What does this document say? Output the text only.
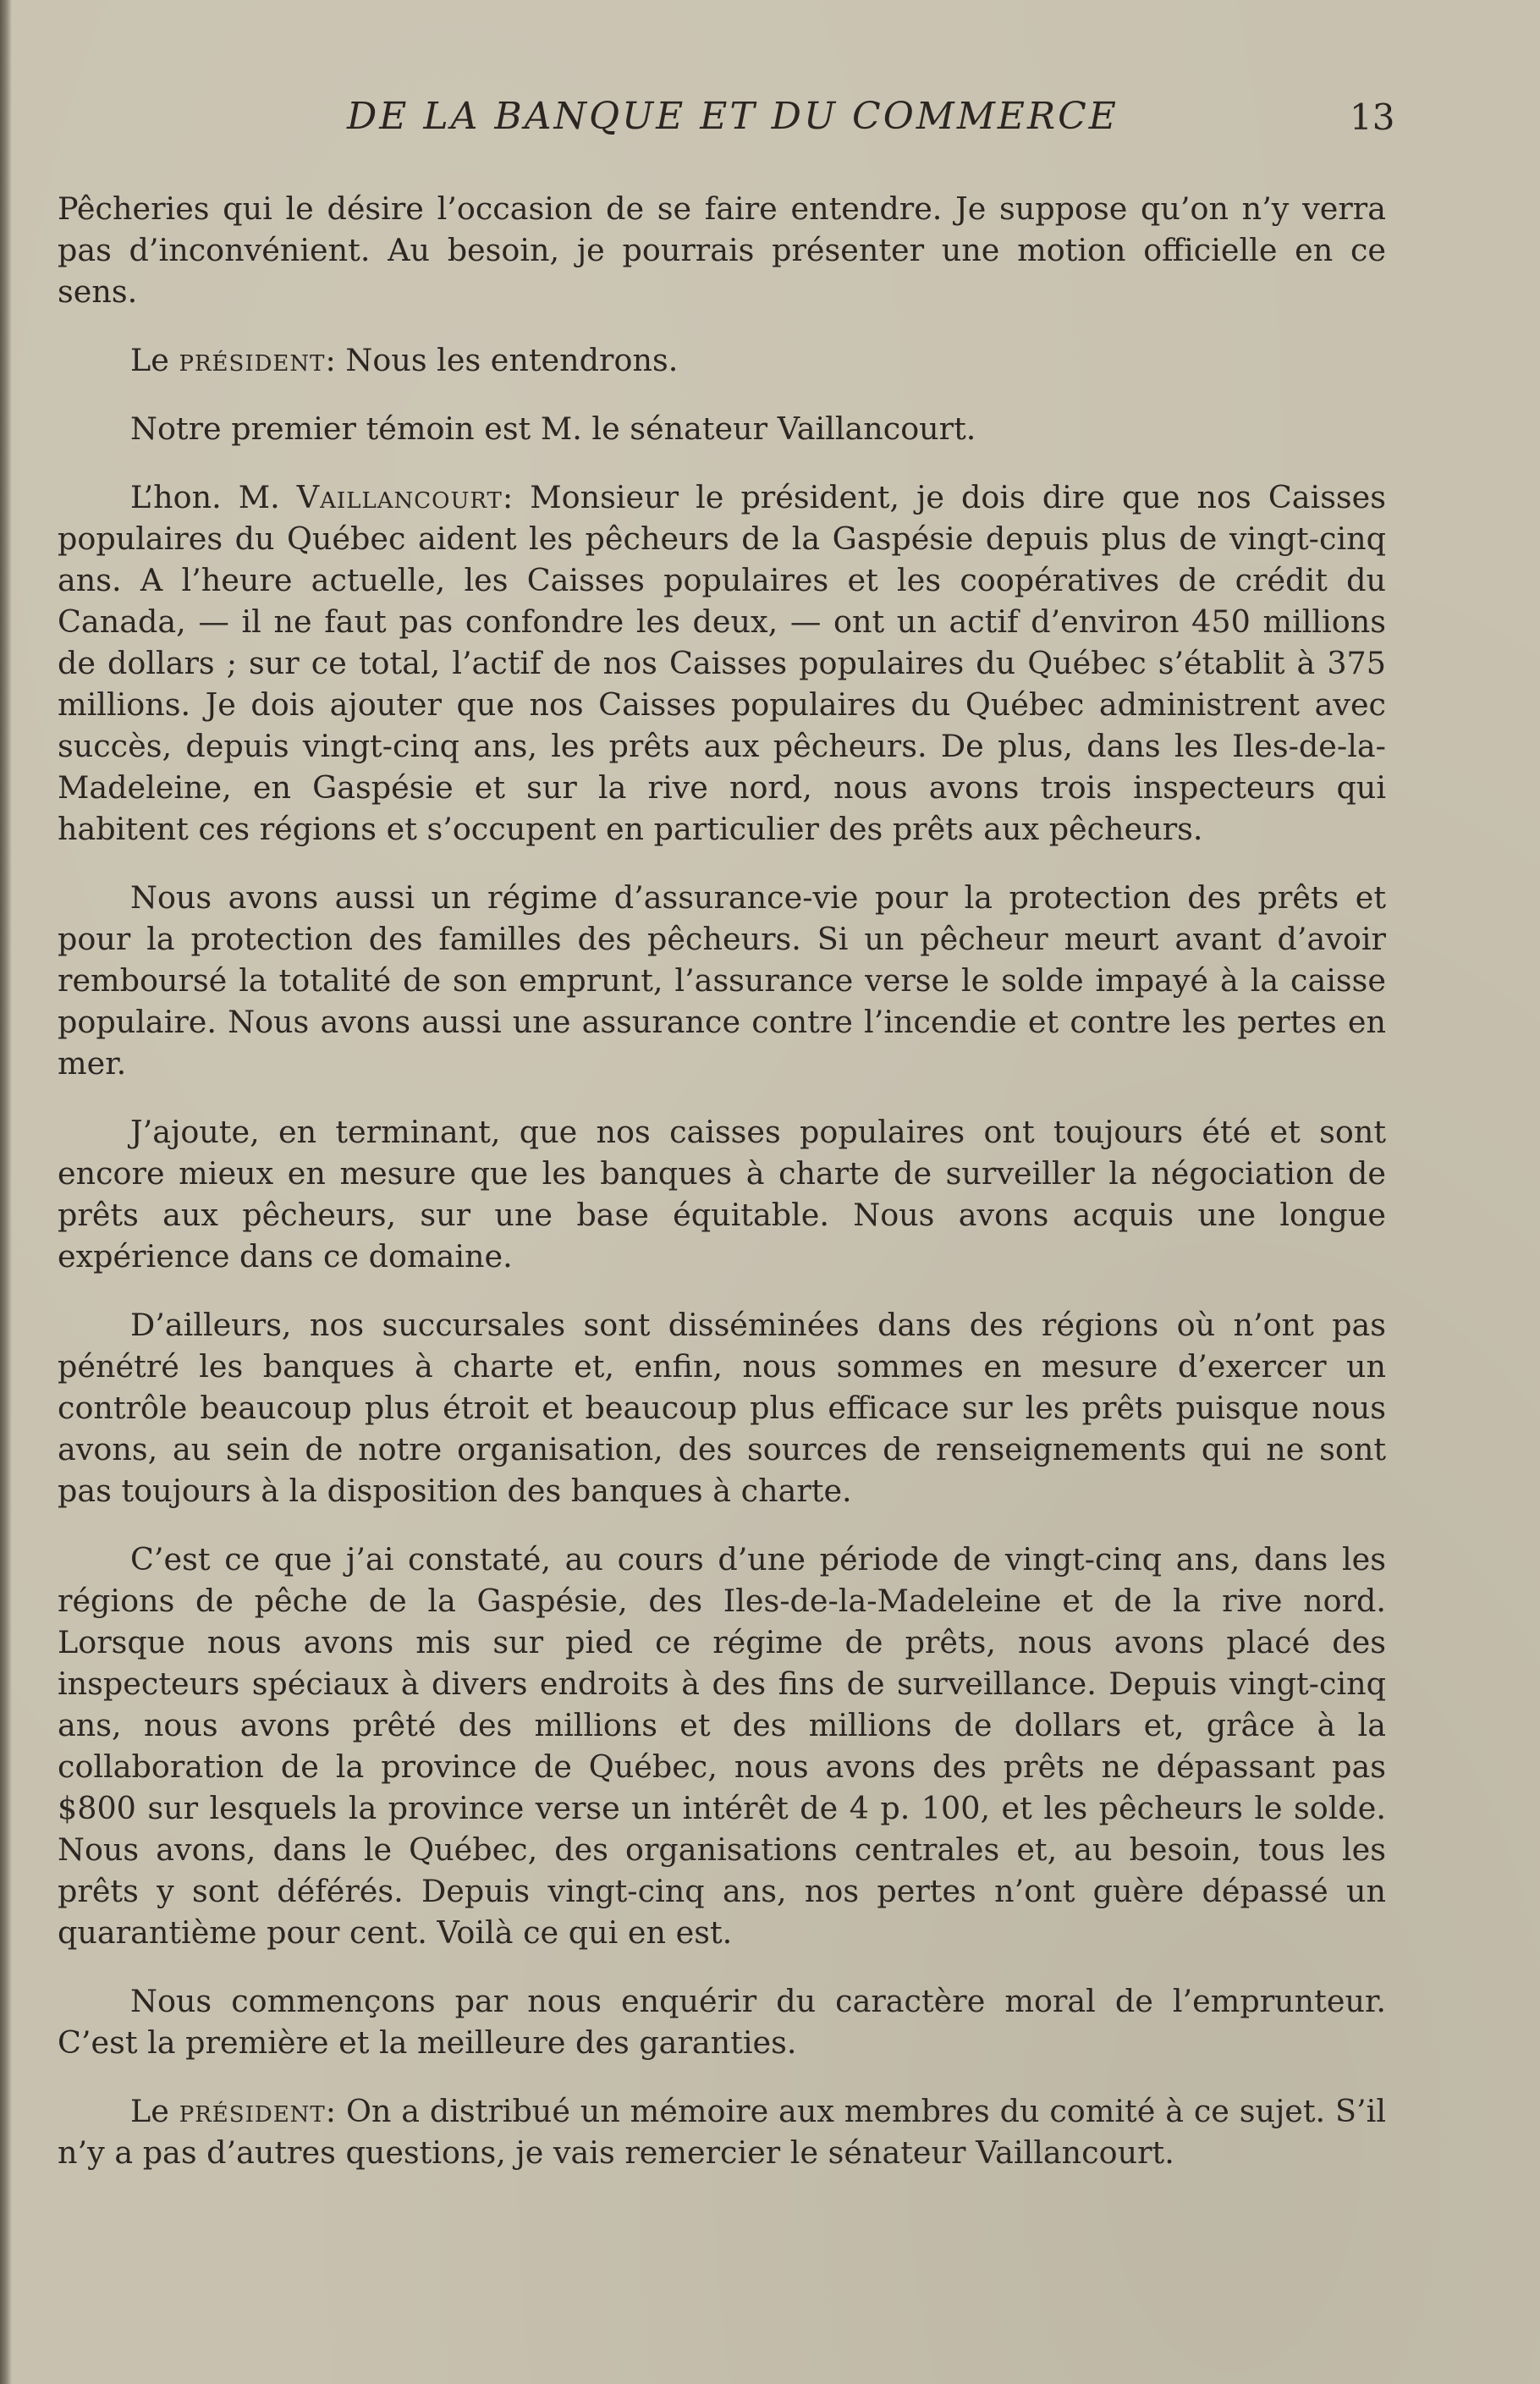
DE LA BANQUE ET DU COMMERCE	13

Pêcheries qui le désire l’occasion de se faire entendre. Je suppose qu’on n’y verra pas d’inconvénient. Au besoin, je pourrais présenter une motion officielle en ce sens.

Le président: Nous les entendrons.

Notre premier témoin est M. le sénateur Vaillancourt.

L’hon. M. Vaillancourt: Monsieur le président, je dois dire que nos Caisses populaires du Québec aident les pêcheurs de la Gaspésie depuis plus de vingt-cinq ans. A l’heure actuelle, les Caisses populaires et les coopératives de crédit du Canada, — il ne faut pas confondre les deux, — ont un actif d’environ 450 millions de dollars ; sur ce total, l’actif de nos Caisses populaires du Québec s’établit à 375 millions. Je dois ajouter que nos Caisses populaires du Québec administrent avec succès, depuis vingt-cinq ans, les prêts aux pêcheurs. De plus, dans les Iles-de-la-Madeleine, en Gaspésie et sur la rive nord, nous avons trois inspecteurs qui habitent ces régions et s’occupent en particulier des prêts aux pêcheurs.

Nous avons aussi un régime d’assurance-vie pour la protection des prêts et pour la protection des familles des pêcheurs. Si un pêcheur meurt avant d’avoir remboursé la totalité de son emprunt, l’assurance verse le solde impayé à la caisse populaire. Nous avons aussi une assurance contre l’incendie et contre les pertes en mer.

J’ajoute, en terminant, que nos caisses populaires ont toujours été et sont encore mieux en mesure que les banques à charte de surveiller la négociation de prêts aux pêcheurs, sur une base équitable. Nous avons acquis une longue expérience dans ce domaine.

D’ailleurs, nos succursales sont disséminées dans des régions où n’ont pas pénétré les banques à charte et, enfin, nous sommes en mesure d’exercer un contrôle beaucoup plus étroit et beaucoup plus efficace sur les prêts puisque nous avons, au sein de notre organisation, des sources de renseignements qui ne sont pas toujours à la disposition des banques à charte.

C’est ce que j’ai constaté, au cours d’une période de vingt-cinq ans, dans les régions de pêche de la Gaspésie, des Iles-de-la-Madeleine et de la rive nord. Lorsque nous avons mis sur pied ce régime de prêts, nous avons placé des inspecteurs spéciaux à divers endroits à des fins de surveillance. Depuis vingt-cinq ans, nous avons prêté des millions et des millions de dollars et, grâce à la collaboration de la province de Québec, nous avons des prêts ne dépassant pas $800 sur lesquels la province verse un intérêt de 4 p. 100, et les pêcheurs le solde. Nous avons, dans le Québec, des organisations centrales et, au besoin, tous les prêts y sont déférés. Depuis vingt-cinq ans, nos pertes n’ont guère dépassé un quarantième pour cent. Voilà ce qui en est.

Nous commençons par nous enquérir du caractère moral de l’emprunteur. C’est la première et la meilleure des garanties.

Le président: On a distribué un mémoire aux membres du comité à ce sujet. S’il n’y a pas d’autres questions, je vais remercier le sénateur Vaillancourt.
